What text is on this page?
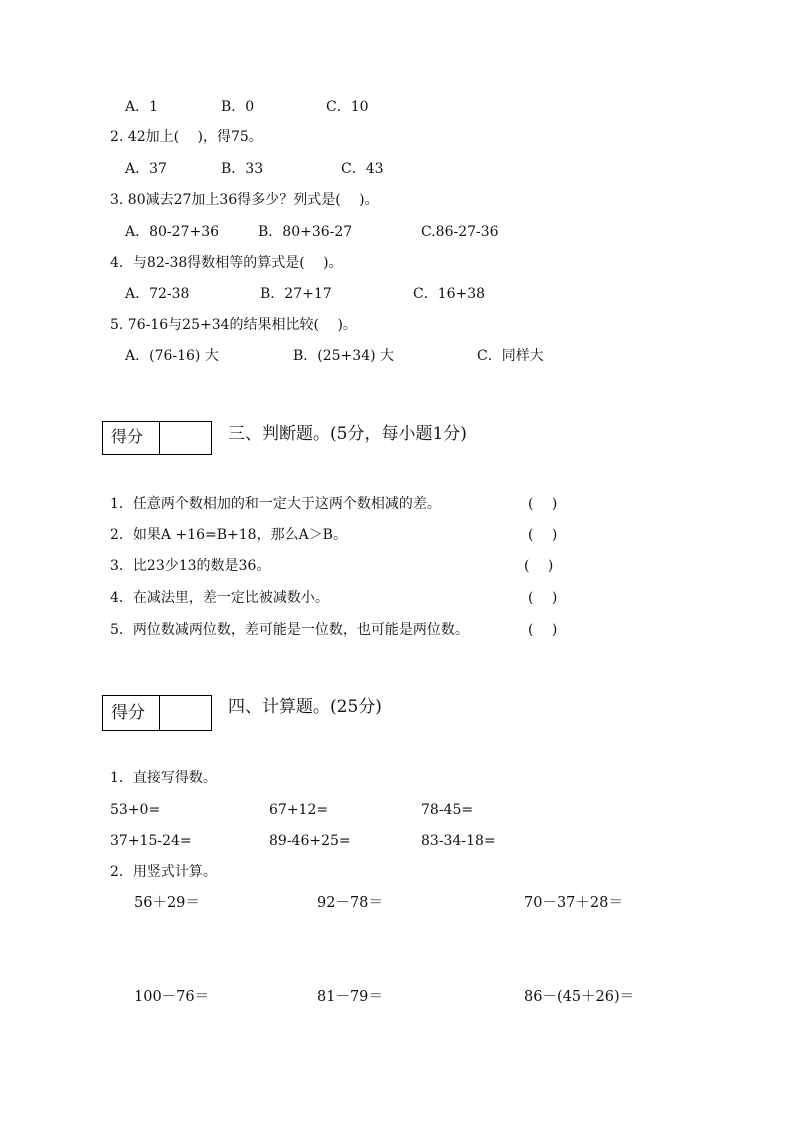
A．1	B．0	C．10
2. 42加上(　 )，得75。
A．37	B．33	C．43
3. 80减去27加上36得多少？列式是(　 )。
A．80-27+36	B．80+36-27	C.86-27-36
4．与82-38得数相等的算式是(　 )。
A．72-38	B．27+17	C．16+38
5. 76-16与25+34的结果相比较(　 )。
A．(76-16) 大	B．(25+34) 大	C．同样大
得分	三、判断题。(5分，每小题1分)
1．任意两个数相加的和一定大于这两个数相减的差。	(　 )
2．如果A +16=B+18，那么A＞B。	(　 )
3．比23少13的数是36。	(　 )
4．在减法里，差一定比被减数小。	(　 )
5．两位数减两位数，差可能是一位数，也可能是两位数。	(　 )
得分	四、计算题。(25分)
1．直接写得数。
53+0=	67+12=	78-45=
37+15-24=	89-46+25=	83-34-18=
2．用竖式计算。
56＋29＝	92－78＝	70－37＋28＝
100－76＝	81－79＝	86－(45＋26)＝
